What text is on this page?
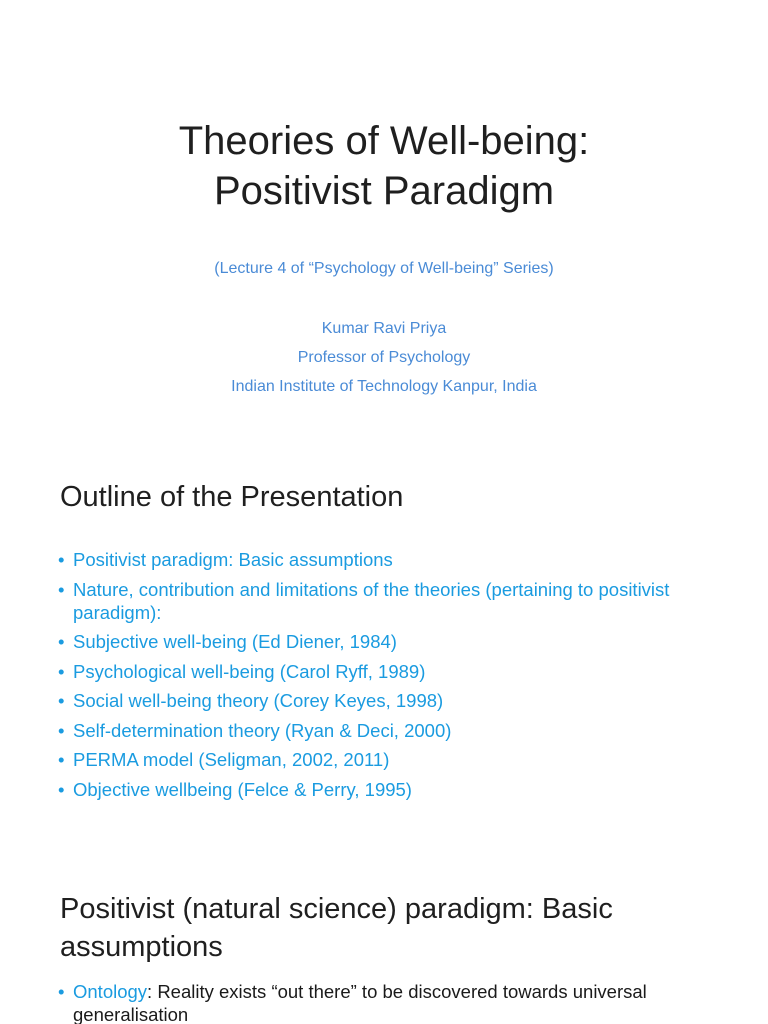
Theories of Well-being:
Positivist Paradigm
(Lecture 4 of “Psychology of Well-being” Series)
Kumar Ravi Priya
Professor of Psychology
Indian Institute of Technology Kanpur, India
Outline of the Presentation
• Positivist paradigm: Basic assumptions
• Nature, contribution and limitations of the theories (pertaining to positivist paradigm):
• Subjective well-being (Ed Diener, 1984)
• Psychological well-being (Carol Ryff, 1989)
• Social well-being theory (Corey Keyes, 1998)
• Self-determination theory (Ryan & Deci, 2000)
• PERMA model (Seligman, 2002, 2011)
• Objective wellbeing (Felce & Perry, 1995)
Positivist (natural science) paradigm: Basic assumptions
• Ontology: Reality exists “out there” to be discovered towards universal generalisation
